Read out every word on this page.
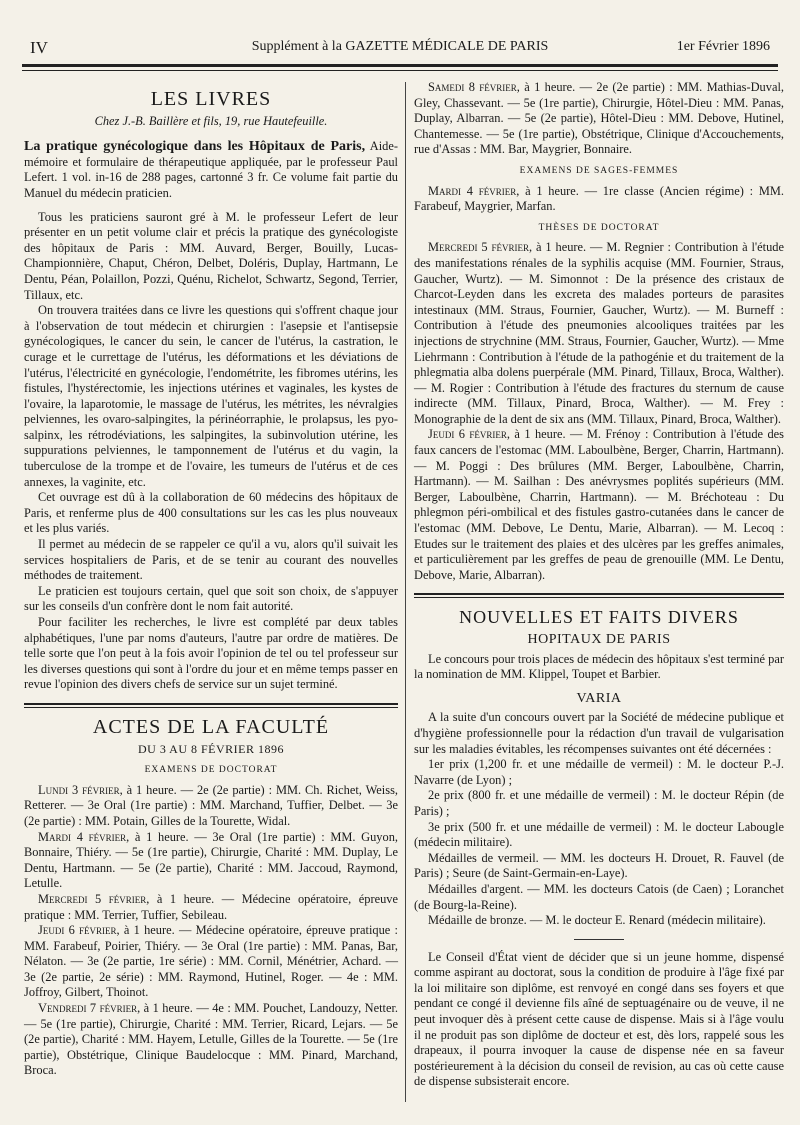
IV	Supplément à la GAZETTE MÉDICALE DE PARIS	1er Février 1896
LES LIVRES
Chez J.-B. Baillère et fils, 19, rue Hautefeuille.

La pratique gynécologique dans les Hôpitaux de Paris, Aide-mémoire et formulaire de thérapeutique appliquée, par le professeur Paul Lefert. 1 vol. in-16 de 288 pages, cartonné 3 fr. Ce volume fait partie du Manuel du médecin praticien.

Tous les praticiens sauront gré à M. le professeur Lefert de leur présenter en un petit volume clair et précis la pratique des gynécologiste des hôpitaux de Paris : MM. Auvard, Berger, Bouilly, Lucas-Championnière, Chaput, Chéron, Delbet, Doléris, Duplay, Hartmann, Le Dentu, Péan, Polaillon, Pozzi, Quénu, Richelot, Schwartz, Segond, Terrier, Tillaux, etc.

On trouvera traitées dans ce livre les questions qui s'offrent chaque jour à l'observation de tout médecin et chirurgien : l'asepsie et l'antisepsie gynécologiques, le cancer du sein, le cancer de l'utérus, la castration, le curage et le currettage de l'utérus, les déformations et les déviations de l'utérus, l'électricité en gynécologie, l'endométrite, les fibromes utérins, les fistules, l'hystérectomie, les injections utérines et vaginales, les kystes de l'ovaire, la laparotomie, le massage de l'utérus, les métrites, les névralgies pelviennes, les ovaro-salpingites, la périnéorraphie, le prolapsus, les pyo-salpinx, les rétrodéviations, les salpingites, la subinvolution utérine, les suppurations pelviennes, le tamponnement de l'utérus et du vagin, la tuberculose de la trompe et de l'ovaire, les tumeurs de l'utérus et de ces annexes, la vaginite, etc.

Cet ouvrage est dû à la collaboration de 60 médecins des hôpitaux de Paris, et renferme plus de 400 consultations sur les cas les plus nouveaux et les plus variés.

Il permet au médecin de se rappeler ce qu'il a vu, alors qu'il suivait les services hospitaliers de Paris, et de se tenir au courant des nouvelles méthodes de traitement.

Le praticien est toujours certain, quel que soit son choix, de s'appuyer sur les conseils d'un confrère dont le nom fait autorité.

Pour faciliter les recherches, le livre est complété par deux tables alphabétiques, l'une par noms d'auteurs, l'autre par ordre de matières. De telle sorte que l'on peut à la fois avoir l'opinion de tel ou tel professeur sur les diverses questions qui sont à l'ordre du jour et en même temps passer en revue l'opinion des divers chefs de service sur un sujet terminé.

ACTES DE LA FACULTÉ
DU 3 AU 8 FÉVRIER 1896
EXAMENS DE DOCTORAT

Lundi 3 février, à 1 heure. — 2e (2e partie) : MM. Ch. Richet, Weiss, Retterer. — 3e Oral (1re partie) : MM. Marchand, Tuffier, Delbet. — 3e (2e partie) : MM. Potain, Gilles de la Tourette, Widal.

Mardi 4 février, à 1 heure. — 3e Oral (1re partie) : MM. Guyon, Bonnaire, Thiéry. — 5e (1re partie), Chirurgie, Charité : MM. Duplay, Le Dentu, Hartmann. — 5e (2e partie), Charité : MM. Jaccoud, Raymond, Letulle.

Mercredi 5 février, à 1 heure. — Médecine opératoire, épreuve pratique : MM. Terrier, Tuffier, Sebileau.

Jeudi 6 février, à 1 heure. — Médecine opératoire, épreuve pratique : MM. Farabeuf, Poirier, Thiéry. — 3e Oral (1re partie) : MM. Panas, Bar, Nélaton. — 3e (2e partie, 1re série) : MM. Cornil, Ménétrier, Achard. — 3e (2e partie, 2e série) : MM. Raymond, Hutinel, Roger. — 4e : MM. Joffroy, Gilbert, Thoinot.

Vendredi 7 février, à 1 heure. — 4e : MM. Pouchet, Landouzy, Netter. — 5e (1re partie), Chirurgie, Charité : MM. Terrier, Ricard, Lejars. — 5e (2e partie), Charité : MM. Hayem, Letulle, Gilles de la Tourette. — 5e (1re partie), Obstétrique, Clinique Baudelocque : MM. Pinard, Marchand, Broca.

Samedi 8 février, à 1 heure. — 2e (2e partie) : MM. Mathias-Duval, Gley, Chassevant. — 5e (1re partie), Chirurgie, Hôtel-Dieu : MM. Panas, Duplay, Albarran. — 5e (2e partie), Hôtel-Dieu : MM. Debove, Hutinel, Chantemesse. — 5e (1re partie), Obstétrique, Clinique d'Accouchements, rue d'Assas : MM. Bar, Maygrier, Bonnaire.

EXAMENS DE SAGES-FEMMES

Mardi 4 février, à 1 heure. — 1re classe (Ancien régime) : MM. Farabeuf, Maygrier, Marfan.

THÈSES DE DOCTORAT

Mercredi 5 février, à 1 heure. — M. Regnier : Contribution à l'étude des manifestations rénales de la syphilis acquise (MM. Fournier, Straus, Gaucher, Wurtz). — M. Simonnot : De la présence des cristaux de Charcot-Leyden dans les excreta des malades porteurs de parasites intestinaux (MM. Straus, Fournier, Gaucher, Wurtz). — M. Burneff : Contribution à l'étude des pneumonies alcooliques traitées par les injections de strychnine (MM. Straus, Fournier, Gaucher, Wurtz). — Mme Liehrmann : Contribution à l'étude de la pathogénie et du traitement de la phlegmatia alba dolens puerpérale (MM. Pinard, Tillaux, Broca, Walther). — M. Rogier : Contribution à l'étude des fractures du sternum de cause indirecte (MM. Tillaux, Pinard, Broca, Walther). — M. Frey : Monographie de la dent de six ans (MM. Tillaux, Pinard, Broca, Walther).

Jeudi 6 février, à 1 heure. — M. Frénoy : Contribution à l'étude des faux cancers de l'estomac (MM. Laboulbène, Berger, Charrin, Hartmann). — M. Poggi : Des brûlures (MM. Berger, Laboulbène, Charrin, Hartmann). — M. Sailhan : Des anévrysmes poplités supérieurs (MM. Berger, Laboulbène, Charrin, Hartmann). — M. Bréchoteau : Du phlegmon péri-ombilical et des fistules gastro-cutanées dans le cancer de l'estomac (MM. Debove, Le Dentu, Marie, Albarran). — M. Lecoq : Etudes sur le traitement des plaies et des ulcères par les greffes animales, et particulièrement par les greffes de peau de grenouille (MM. Le Dentu, Debove, Marie, Albarran).

NOUVELLES ET FAITS DIVERS
HOPITAUX DE PARIS

Le concours pour trois places de médecin des hôpitaux s'est terminé par la nomination de MM. Klippel, Toupet et Barbier.

VARIA

A la suite d'un concours ouvert par la Société de médecine publique et d'hygiène professionnelle pour la rédaction d'un travail de vulgarisation sur les maladies évitables, les récompenses suivantes ont été décernées :

1er prix (1,200 fr. et une médaille de vermeil) : M. le docteur P.-J. Navarre (de Lyon) ;

2e prix (800 fr. et une médaille de vermeil) : M. le docteur Répin (de Paris) ;

3e prix (500 fr. et une médaille de vermeil) : M. le docteur Labougle (médecin militaire).

Médailles de vermeil. — MM. les docteurs H. Drouet, R. Fauvel (de Paris) ; Seure (de Saint-Germain-en-Laye).

Médailles d'argent. — MM. les docteurs Catois (de Caen) ; Loranchet (de Bourg-la-Reine).

Médaille de bronze. — M. le docteur E. Renard (médecin militaire).

Le Conseil d'État vient de décider que si un jeune homme, dispensé comme aspirant au doctorat, sous la condition de produire à l'âge fixé par la loi militaire son diplôme, est renvoyé en congé dans ses foyers et que pendant ce congé il devienne fils aîné de septuagénaire ou de veuve, il ne peut invoquer dès à présent cette cause de dispense. Mais si à l'âge voulu il ne produit pas son diplôme de docteur et est, dès lors, rappelé sous les drapeaux, il pourra invoquer la cause de dispense née en sa faveur postérieurement à la décision du conseil de revision, au cas où cette cause de dispense subsisterait encore.
